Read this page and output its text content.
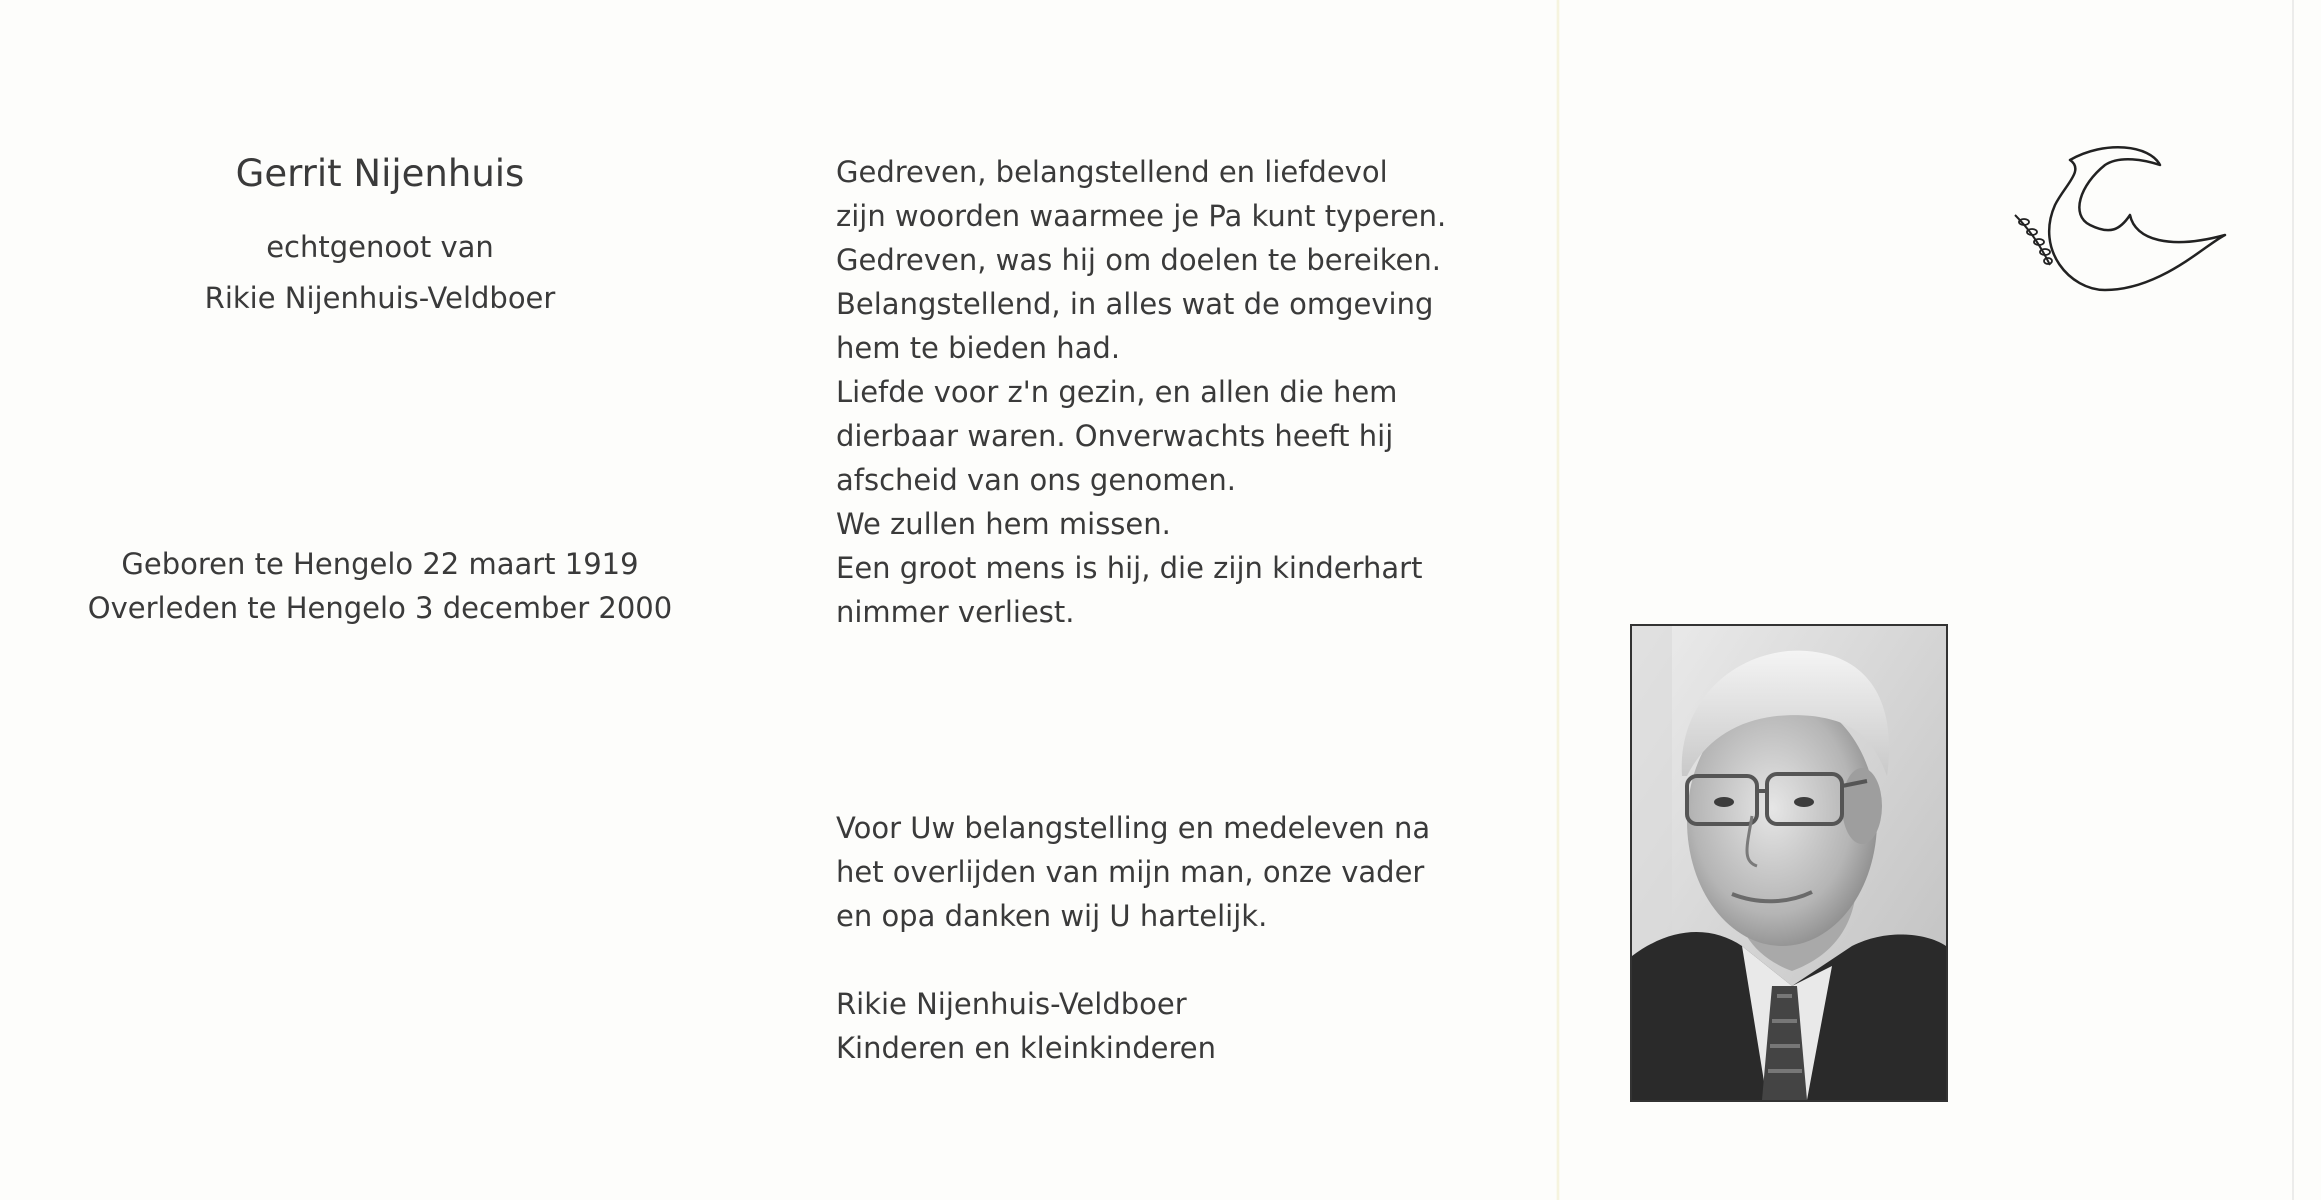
Gerrit Nijenhuis
echtgenoot van
Rikie Nijenhuis-Veldboer
Geboren te Hengelo 22 maart 1919
Overleden te Hengelo 3 december 2000
Gedreven, belangstellend en liefdevol
zijn woorden waarmee je Pa kunt typeren.
Gedreven, was hij om doelen te bereiken.
Belangstellend, in alles wat de omgeving
hem te bieden had.
Liefde voor z'n gezin, en allen die hem
dierbaar waren. Onverwachts heeft hij
afscheid van ons genomen.
We zullen hem missen.
Een groot mens is hij, die zijn kinderhart
nimmer verliest.
Voor Uw belangstelling en medeleven na
het overlijden van mijn man, onze vader
en opa danken wij U hartelijk.
Rikie Nijenhuis-Veldboer
Kinderen en kleinkinderen
